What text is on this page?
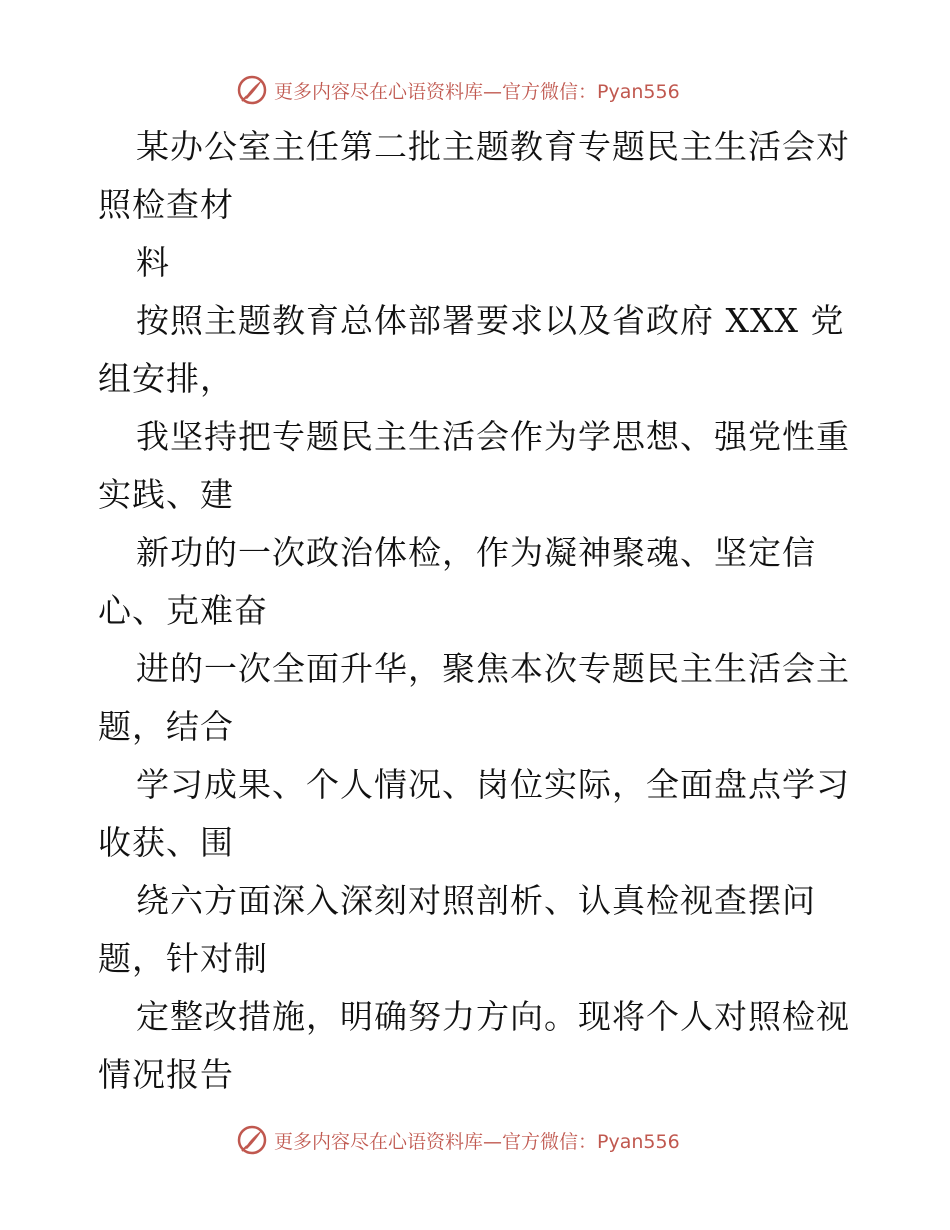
更多内容尽在心语资料库—官方微信：Pyan556
某办公室主任第二批主题教育专题民主生活会对
照检查材
料
按照主题教育总体部署要求以及省政府 XXX 党
组安排，
我坚持把专题民主生活会作为学思想、强党性重
实践、建
新功的一次政治体检，作为凝神聚魂、坚定信
心、克难奋
进的一次全面升华，聚焦本次专题民主生活会主
题，结合
学习成果、个人情况、岗位实际，全面盘点学习
收获、围
绕六方面深入深刻对照剖析、认真检视查摆问
题，针对制
定整改措施，明确努力方向。现将个人对照检视
情况报告
更多内容尽在心语资料库—官方微信：Pyan556
